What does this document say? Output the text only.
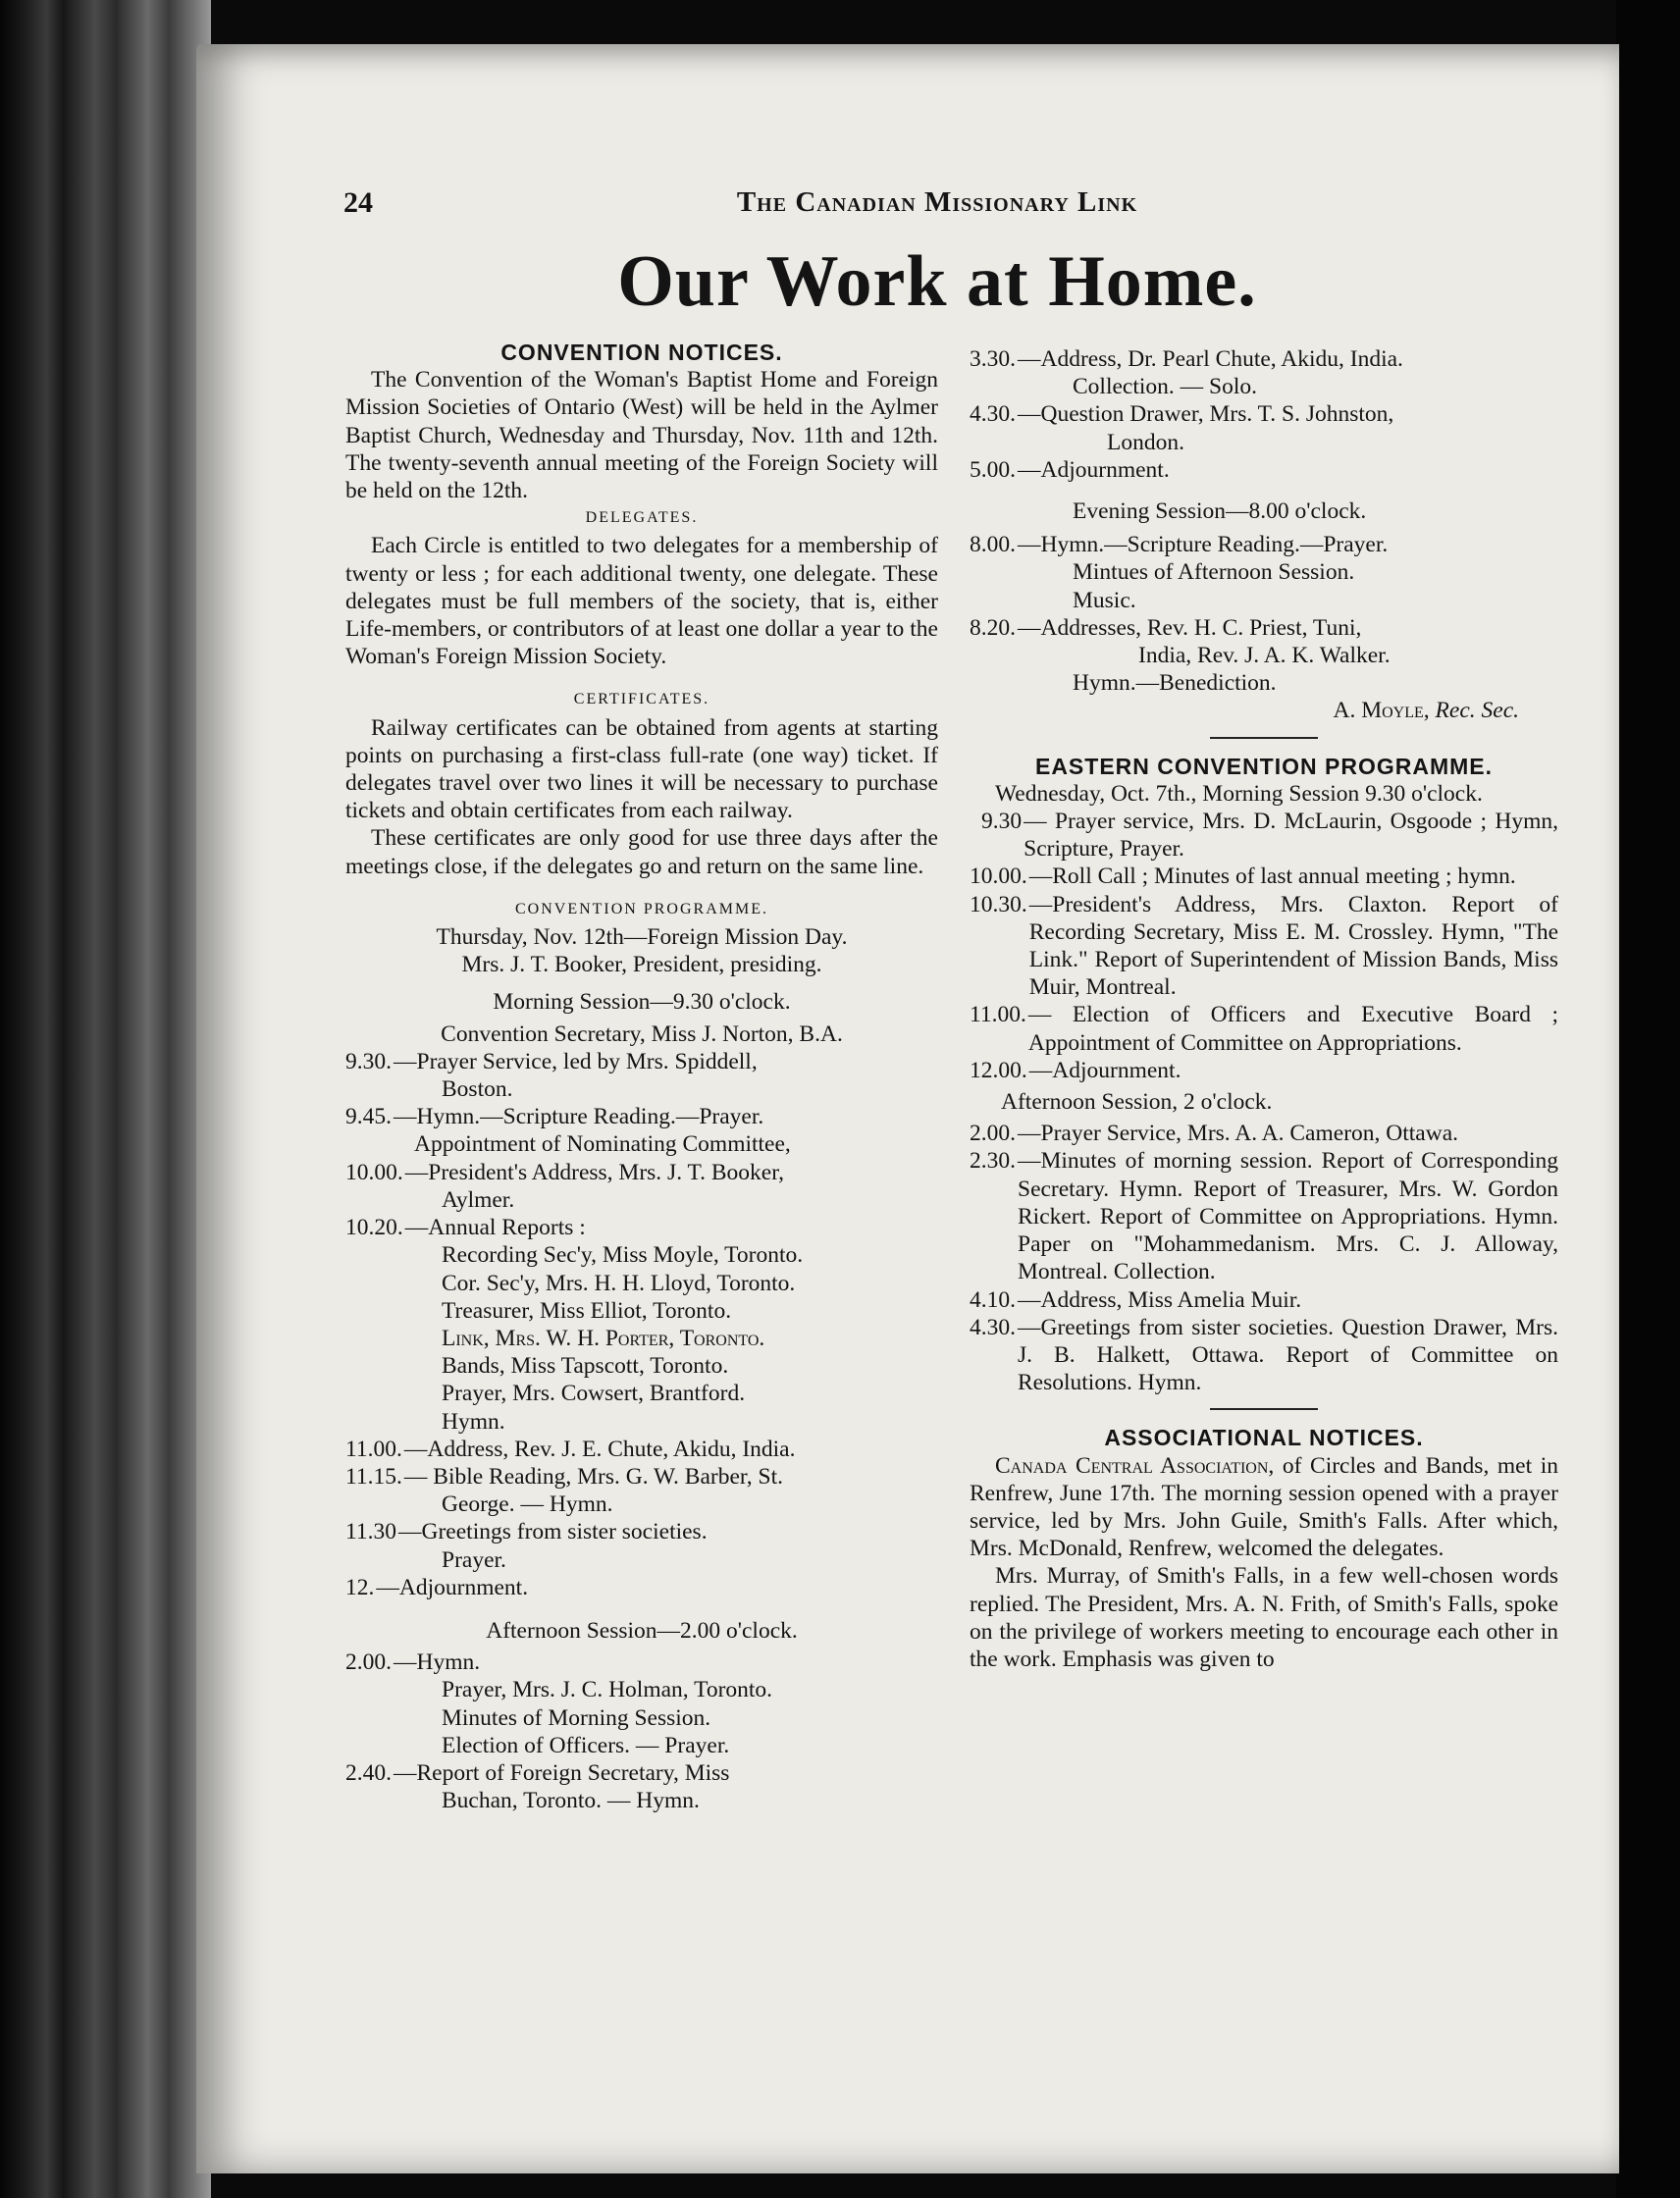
24	The Canadian Missionary Link
Our Work at Home.

CONVENTION NOTICES.

The Convention of the Woman's Baptist Home and Foreign Mission Societies of Ontario (West) will be held in the Aylmer Baptist Church, Wednesday and Thursday, Nov. 11th and 12th. The twenty-seventh annual meeting of the Foreign Society will be held on the 12th.

DELEGATES.

Each Circle is entitled to two delegates for a membership of twenty or less ; for each additional twenty, one delegate. These delegates must be full members of the society, that is, either Life-members, or contributors of at least one dollar a year to the Woman's Foreign Mission Society.

CERTIFICATES.

Railway certificates can be obtained from agents at starting points on purchasing a first-class full-rate (one way) ticket. If delegates travel over two lines it will be necessary to purchase tickets and obtain certificates from each railway.

These certificates are only good for use three days after the meetings close, if the delegates go and return on the same line.

CONVENTION PROGRAMME.

Thursday, Nov. 12th—Foreign Mission Day.

Mrs. J. T. Booker, President, presiding.

Morning Session—9.30 o'clock.

Convention Secretary, Miss J. Norton, B.A.

9.30. —Prayer Service, led by Mrs. Spiddell,

Boston.

9.45. —Hymn.—Scripture Reading.—Prayer.

Appointment of Nominating Committee,

10.00. —President's Address, Mrs. J. T. Booker,

Aylmer.

10.20. —Annual Reports :

Recording Sec'y, Miss Moyle, Toronto.

Cor. Sec'y, Mrs. H. H. Lloyd, Toronto.

Treasurer, Miss Elliot, Toronto.

Link, Mrs. W. H. Porter, Toronto.

Bands, Miss Tapscott, Toronto.

Prayer, Mrs. Cowsert, Brantford.

Hymn.

11.00. —Address, Rev. J. E. Chute, Akidu, India.
11.15. — Bible Reading, Mrs. G. W. Barber, St.

George. — Hymn.

11.30 —Greetings from sister societies.

Prayer.

12. —Adjournment.

Afternoon Session—2.00 o'clock.

2.00. —Hymn.

Prayer, Mrs. J. C. Holman, Toronto.

Minutes of Morning Session.

Election of Officers. — Prayer.

2.40. —Report of Foreign Secretary, Miss

Buchan, Toronto. — Hymn.

3.30. —Address, Dr. Pearl Chute, Akidu, India.

Collection. — Solo.

4.30. —Question Drawer, Mrs. T. S. Johnston,

London.

5.00. —Adjournment.

Evening Session—8.00 o'clock.

8.00. —Hymn.—Scripture Reading.—Prayer.

Mintues of Afternoon Session.

Music.

8.20. —Addresses, Rev. H. C. Priest, Tuni,

India, Rev. J. A. K. Walker.

Hymn.—Benediction.

A. Moyle, Rec. Sec.

EASTERN CONVENTION PROGRAMME.

Wednesday, Oct. 7th., Morning Session 9.30 o'clock.

9.30 — Prayer service, Mrs. D. McLaurin, Osgoode ; Hymn, Scripture, Prayer.
10.00. —Roll Call ; Minutes of last annual meeting ; hymn.
10.30. —President's Address, Mrs. Claxton. Report of Recording Secretary, Miss E. M. Crossley. Hymn, "The Link." Report of Superintendent of Mission Bands, Miss Muir, Montreal.
11.00. — Election of Officers and Executive Board ; Appointment of Committee on Appropriations.
12.00. —Adjournment.

Afternoon Session, 2 o'clock.

2.00. —Prayer Service, Mrs. A. A. Cameron, Ottawa.
2.30. —Minutes of morning session. Report of Corresponding Secretary. Hymn. Report of Treasurer, Mrs. W. Gordon Rickert. Report of Committee on Appropriations. Hymn. Paper on "Mohammedanism. Mrs. C. J. Alloway, Montreal. Collection.
4.10. —Address, Miss Amelia Muir.
4.30. —Greetings from sister societies. Question Drawer, Mrs. J. B. Halkett, Ottawa. Report of Committee on Resolutions. Hymn.

ASSOCIATIONAL NOTICES.

Canada Central Association, of Circles and Bands, met in Renfrew, June 17th. The morning session opened with a prayer service, led by Mrs. John Guile, Smith's Falls. After which, Mrs. McDonald, Renfrew, welcomed the delegates.

Mrs. Murray, of Smith's Falls, in a few well-chosen words replied. The President, Mrs. A. N. Frith, of Smith's Falls, spoke on the privilege of workers meeting to encourage each other in the work. Emphasis was given to
